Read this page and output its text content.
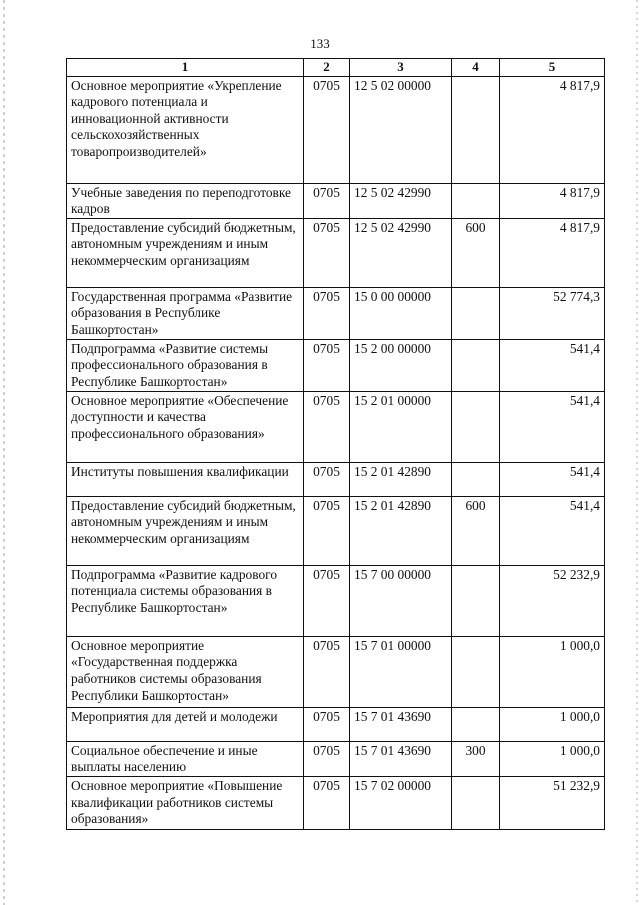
133
1	2	3	4	5
Основное мероприятие «Укрепление кадрового потенциала и инновационной активности сельскохозяйственных товаропроизводителей»	0705	12 5 02 00000		4 817,9
Учебные заведения по переподготовке кадров	0705	12 5 02 42990		4 817,9
Предоставление субсидий бюджетным, автономным учреждениям и иным некоммерческим организациям	0705	12 5 02 42990	600	4 817,9
Государственная программа «Развитие образования в Республике Башкортостан»	0705	15 0 00 00000		52 774,3
Подпрограмма «Развитие системы профессионального образования в Республике Башкортостан»	0705	15 2 00 00000		541,4
Основное мероприятие «Обеспечение доступности и качества профессионального образования»	0705	15 2 01 00000		541,4
Институты повышения квалификации	0705	15 2 01 42890		541,4
Предоставление субсидий бюджетным, автономным учреждениям и иным некоммерческим организациям	0705	15 2 01 42890	600	541,4
Подпрограмма «Развитие кадрового потенциала системы образования в Республике Башкортостан»	0705	15 7 00 00000		52 232,9
Основное мероприятие «Государственная поддержка работников системы образования Республики Башкортостан»	0705	15 7 01 00000		1 000,0
Мероприятия для детей и молодежи	0705	15 7 01 43690		1 000,0
Социальное обеспечение и иные выплаты населению	0705	15 7 01 43690	300	1 000,0
Основное мероприятие «Повышение квалификации работников системы образования»	0705	15 7 02 00000		51 232,9
